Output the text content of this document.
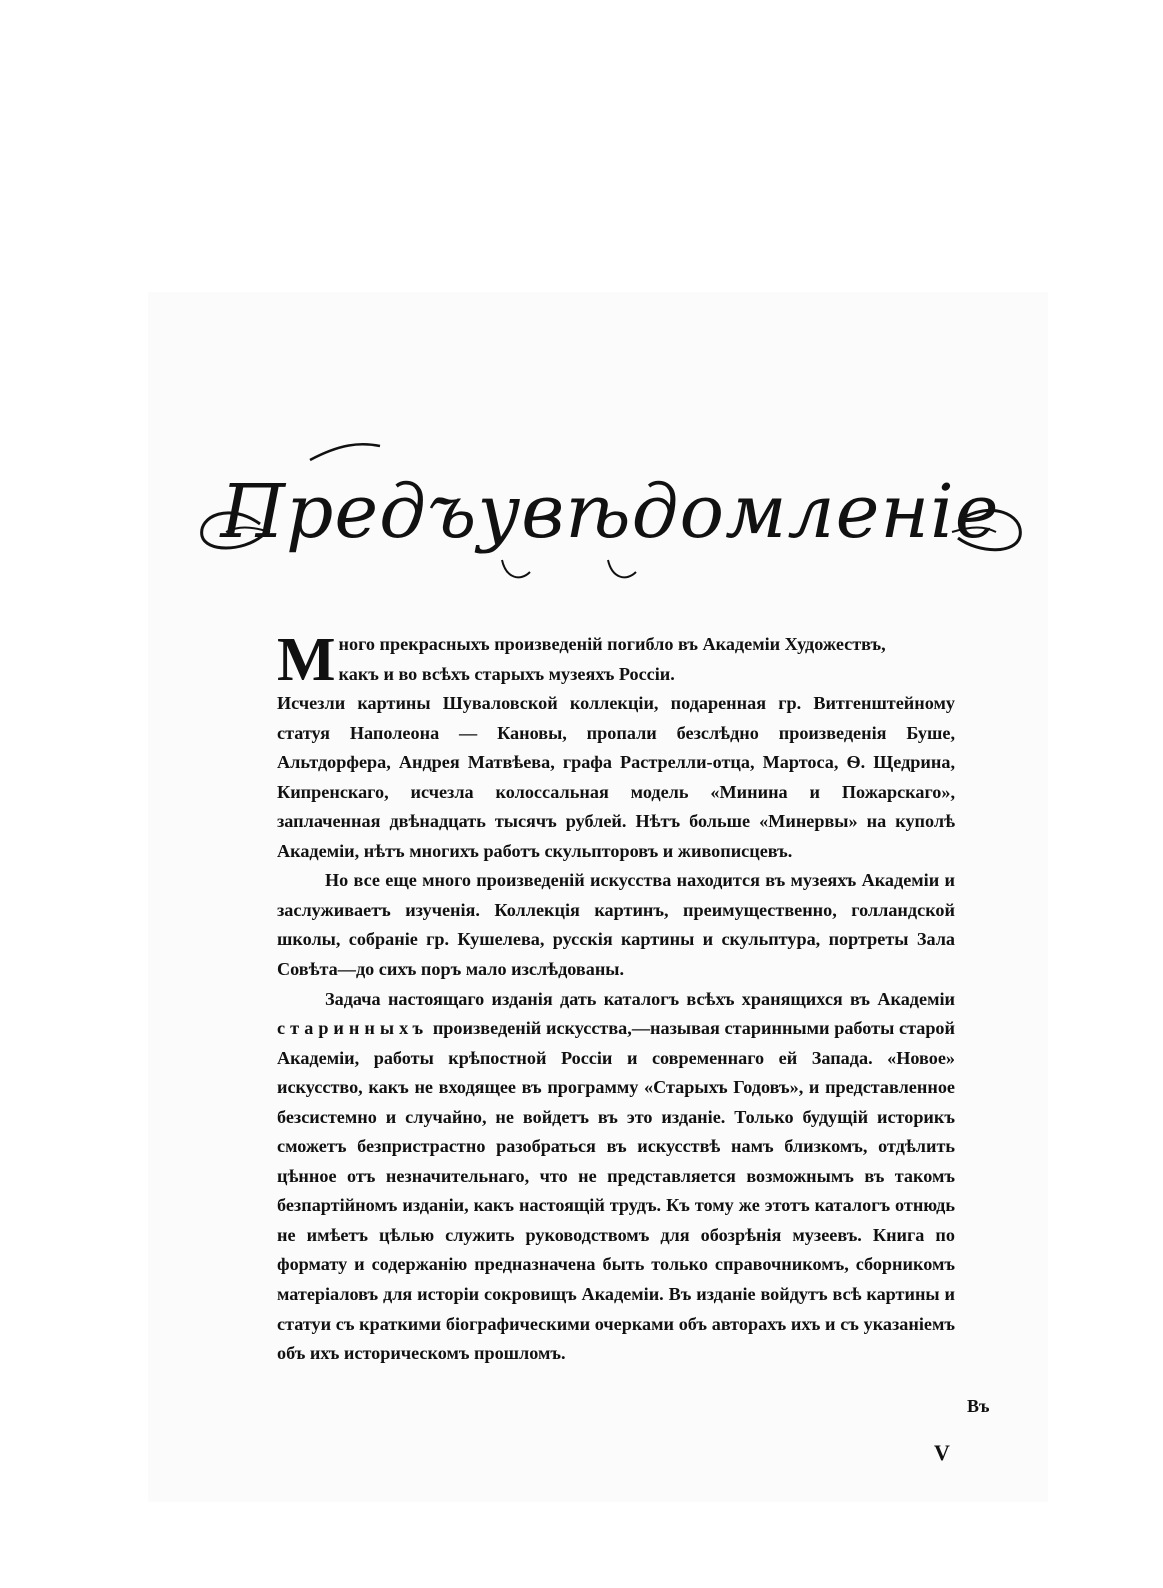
Предъувѣдомленіе

Много прекрасныхъ произведеній погибло въ Академіи Художествъ,
какъ и во всѣхъ старыхъ музеяхъ Россіи.
Исчезли картины Шуваловской коллекціи, подаренная гр. Витгенштейному статуя Наполеона — Кановы, пропали безслѣдно произведенія Буше, Альтдорфера, Андрея Матвѣева, графа Растрелли-отца, Мартоса, Ѳ. Щедрина, Кипренскаго, исчезла колоссальная модель «Минина и Пожарскаго», заплаченная двѣнадцать тысячъ рублей. Нѣтъ больше «Минервы» на куполѣ Академіи, нѣтъ многихъ работъ скульпторовъ и живописцевъ.

Но все еще много произведеній искусства находится въ музеяхъ Академіи и заслуживаетъ изученія. Коллекція картинъ, преимущественно, голландской школы, собраніе гр. Кушелева, русскія картины и скульптура, портреты Зала Совѣта—до сихъ поръ мало изслѣдованы.

Задача настоящаго изданія дать каталогъ всѣхъ хранящихся въ Академіи старинныхъ произведеній искусства,—называя старинными работы старой Академіи, работы крѣпостной Россіи и современнаго ей Запада. «Новое» искусство, какъ не входящее въ программу «Старыхъ Годовъ», и представленное безсистемно и случайно, не войдетъ въ это изданіе. Только будущій историкъ сможетъ безпристрастно разобраться въ искусствѣ намъ близкомъ, отдѣлить цѣнное отъ незначительнаго, что не представляется возможнымъ въ такомъ безпартійномъ изданіи, какъ настоящій трудъ. Къ тому же этотъ каталогъ отнюдь не имѣетъ цѣлью служить руководствомъ для обозрѣнія музеевъ. Книга по формату и содержанію предназначена быть только справочникомъ, сборникомъ матеріаловъ для исторіи сокровищъ Академіи. Въ изданіе войдутъ всѣ картины и статуи съ краткими біографическими очерками объ авторахъ ихъ и съ указаніемъ объ ихъ историческомъ прошломъ.

Въ
V
